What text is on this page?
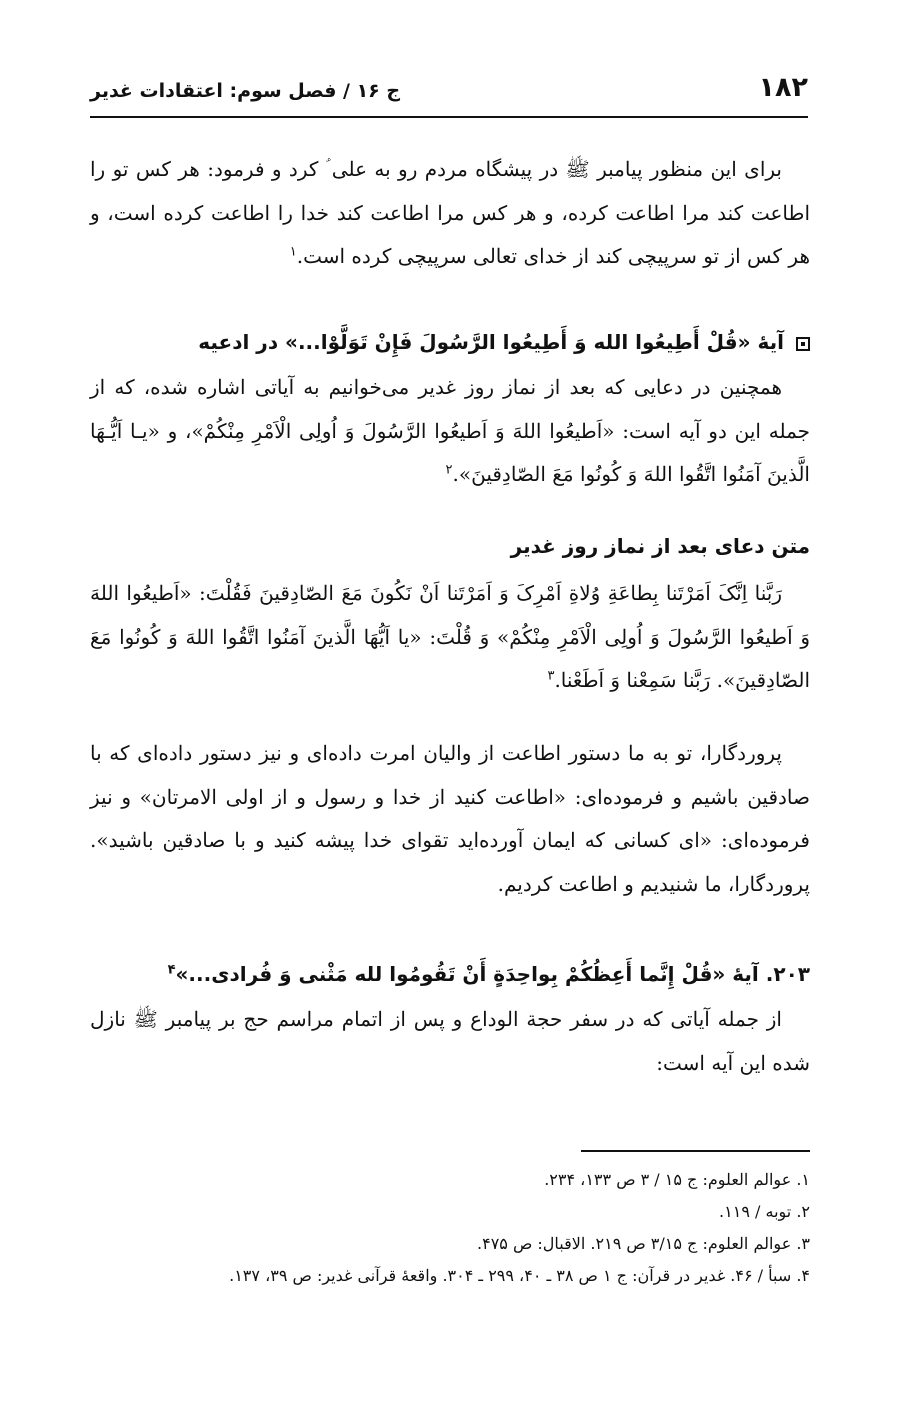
۱۸۲
ج ۱۶ / فصل سوم: اعتقادات غدیر

برای این منظور پیامبر ﷺ در پیشگاه مردم رو به علی ؑ کرد و فرمود: هر کس تو را اطاعت کند مرا اطاعت کرده، و هر کس مرا اطاعت کند خدا را اطاعت کرده است، و هر کس از تو سرپیچی کند از خدای تعالی سرپیچی کرده است.$^۱$

آیهٔ «قُلْ أَطِیعُوا الله وَ أَطِیعُوا الرَّسُولَ فَإِنْ تَوَلَّوْا...» در ادعیه

همچنین در دعایی که بعد از نماز روز غدیر می‌خوانیم به آیاتی اشاره شده، که از جمله این دو آیه است: «اَطیعُوا اللهَ وَ اَطیعُوا الرَّسُولَ وَ اُولِی الْاَمْرِ مِنْکُمْ»، و «یـا اَیُّـهَا الَّذینَ آمَنُوا اتَّقُوا اللهَ وَ کُونُوا مَعَ الصّادِقینَ».$^۲$

متن دعای بعد از نماز روز غدیر

رَبَّنا اِنَّکَ اَمَرْتَنا بِطاعَةِ وُلاةِ اَمْرِکَ وَ اَمَرْتَنا اَنْ نَکُونَ مَعَ الصّادِقینَ فَقُلْتَ: «اَطیعُوا اللهَ وَ اَطیعُوا الرَّسُولَ وَ اُولِی الْاَمْرِ مِنْکُمْ» وَ قُلْتَ: «یا اَیُّهَا الَّذینَ آمَنُوا اتَّقُوا اللهَ وَ کُونُوا مَعَ الصّادِقینَ». رَبَّنا سَمِعْنا وَ اَطَعْنا.$^۳$

پروردگارا، تو به ما دستور اطاعت از والیان امرت داده‌ای و نیز دستور داده‌ای که با صادقین باشیم و فرموده‌ای: «اطاعت کنید از خدا و رسول و از اولی الامرتان» و نیز فرموده‌ای: «ای کسانی که ایمان آورده‌اید تقوای خدا پیشه کنید و با صادقین باشید». پروردگارا، ما شنیدیم و اطاعت کردیم.

۲۰۳. آیهٔ «قُلْ إِنَّما أَعِظُکُمْ بِواحِدَةٍ أَنْ تَقُومُوا لله مَثْنی وَ فُرادی...»$^۴$

از جمله آیاتی که در سفر حجة الوداع و پس از اتمام مراسم حج بر پیامبر ﷺ نازل شده این آیه است:

۱. عوالم العلوم: ج ۱۵ / ۳ ص ۱۳۳، ۲۳۴.

۲. توبه / ۱۱۹.

۳. عوالم العلوم: ج ۳/۱۵ ص ۲۱۹. الاقبال: ص ۴۷۵.

۴. سبأ / ۴۶. غدیر در قرآن: ج ۱ ص ۳۸ ـ ۴۰، ۲۹۹ ـ ۳۰۴. واقعهٔ قرآنی غدیر: ص ۳۹، ۱۳۷.
